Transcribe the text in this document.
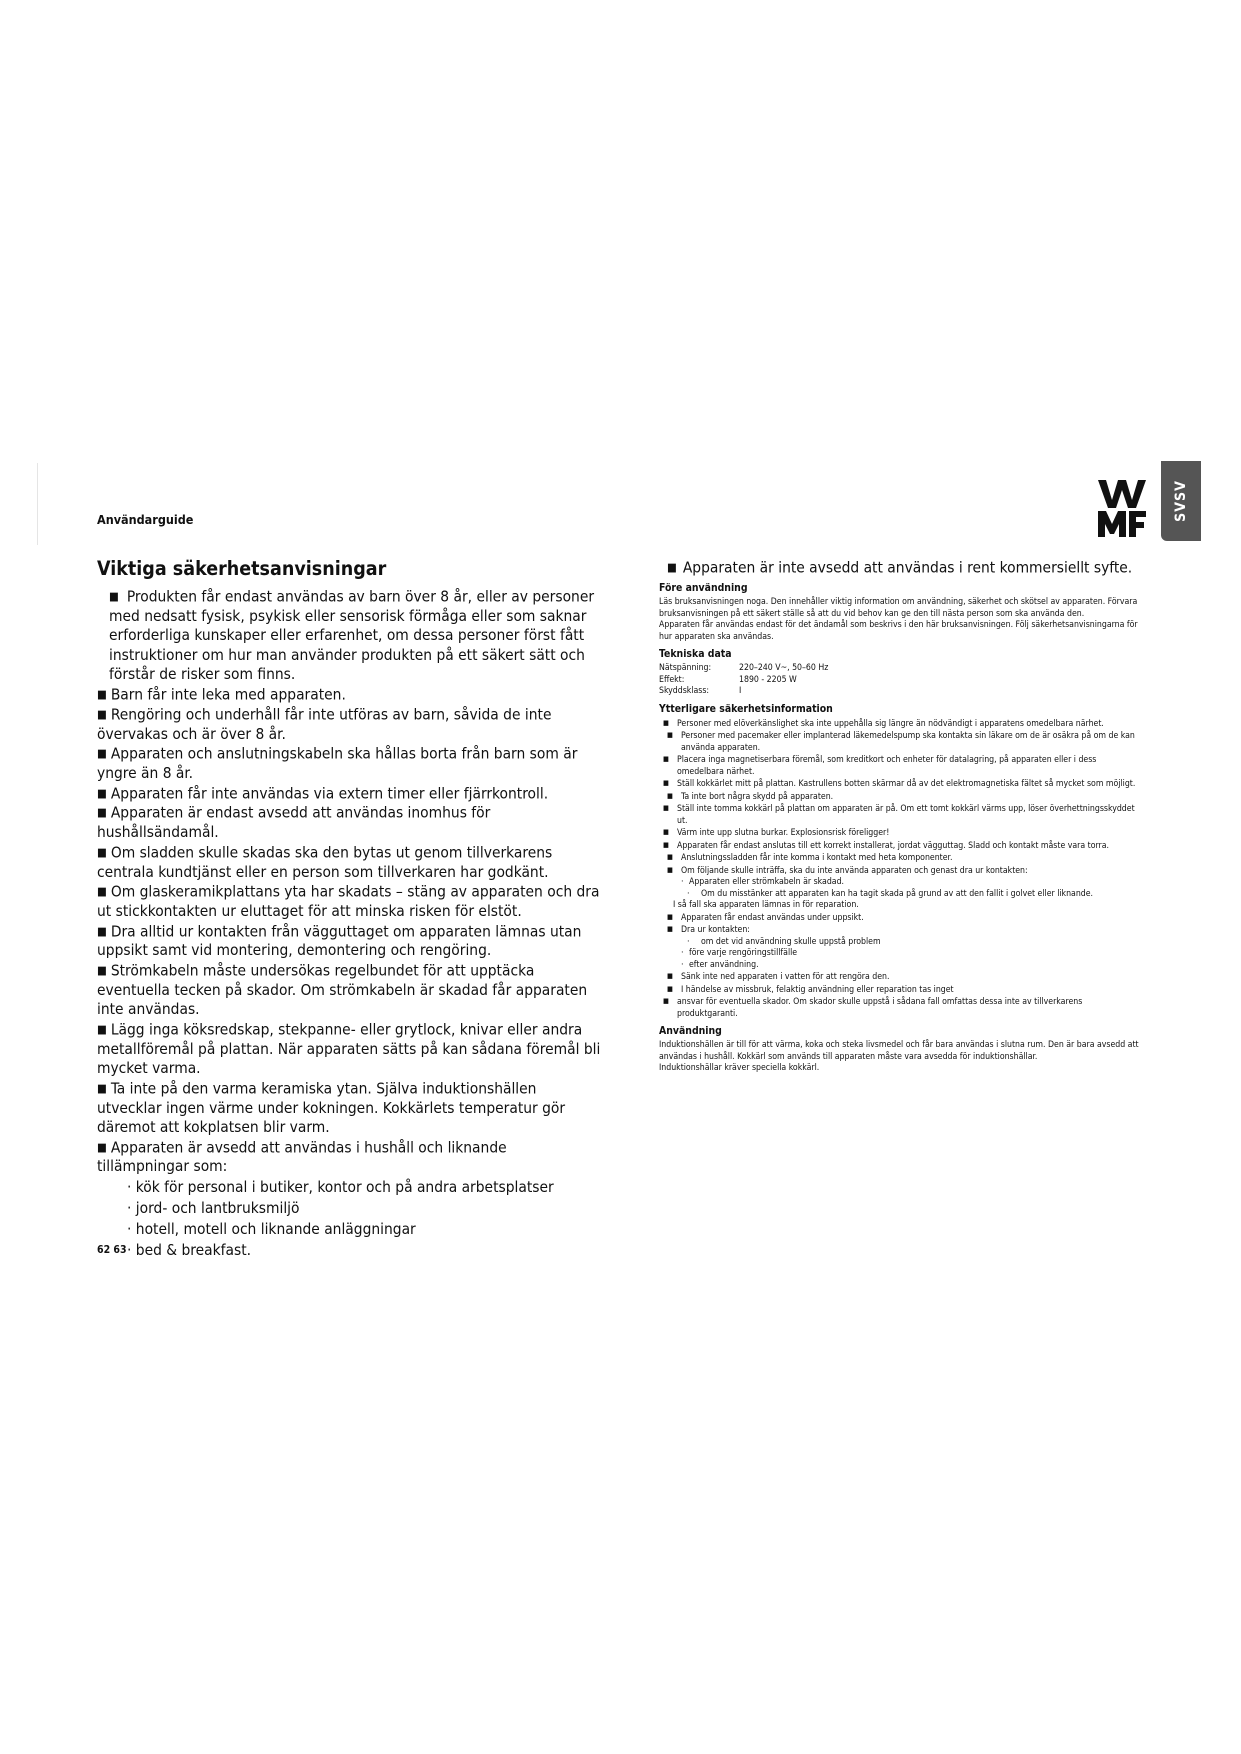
Användarguide	SVSV
Viktiga säkerhetsanvisningar

■ Produkten får endast användas av barn över 8 år, eller av personer med nedsatt fysisk, psykisk eller sensorisk förmåga eller som saknar erforderliga kunskaper eller erfarenhet, om dessa personer först fått instruktioner om hur man använder produkten på ett säkert sätt och förstår de risker som finns.

■ Barn får inte leka med apparaten.

■ Rengöring och underhåll får inte utföras av barn, såvida de inte övervakas och är över 8 år.

■ Apparaten och anslutningskabeln ska hållas borta från barn som är yngre än 8 år.

■ Apparaten får inte användas via extern timer eller fjärrkontroll.

■ Apparaten är endast avsedd att användas inomhus för hushållsändamål.

■ Om sladden skulle skadas ska den bytas ut genom tillverkarens centrala kundtjänst eller en person som tillverkaren har godkänt.

■ Om glaskeramikplattans yta har skadats – stäng av apparaten och dra ut stickkontakten ur eluttaget för att minska risken för elstöt.

■ Dra alltid ur kontakten från vägguttaget om apparaten lämnas utan uppsikt samt vid montering, demontering och rengöring.

■ Strömkabeln måste undersökas regelbundet för att upptäcka eventuella tecken på skador. Om strömkabeln är skadad får apparaten inte användas.

■ Lägg inga köksredskap, stekpanne- eller grytlock, knivar eller andra metallföremål på plattan. När apparaten sätts på kan sådana föremål bli mycket varma.

■ Ta inte på den varma keramiska ytan. Själva induktionshällen utvecklar ingen värme under kokningen. Kokkärlets temperatur gör däremot att kokplatsen blir varm.

■ Apparaten är avsedd att användas i hushåll och liknande tillämpningar som:

· kök för personal i butiker, kontor och på andra arbetsplatser
· jord- och lantbruksmiljö
· hotell, motell och liknande anläggningar
· bed & breakfast.
■ Apparaten är inte avsedd att användas i rent kommersiellt syfte.
Före användning

Läs bruksanvisningen noga. Den innehåller viktig information om användning, säkerhet och skötsel av apparaten. Förvara bruksanvisningen på ett säkert ställe så att du vid behov kan ge den till nästa person som ska använda den.

Apparaten får användas endast för det ändamål som beskrivs i den här bruksanvisningen. Följ säkerhetsanvisningarna för hur apparaten ska användas.

Tekniska data
Nätspänning:	220–240 V~, 50–60 Hz
Effekt:	1890 - 2205 W
Skyddsklass:	I
Ytterligare säkerhetsinformation

■ Personer med elöverkänslighet ska inte uppehålla sig längre än nödvändigt i apparatens omedelbara närhet.

■ Personer med pacemaker eller implanterad läkemedelspump ska kontakta sin läkare om de är osäkra på om de kan använda apparaten.

■ Placera inga magnetiserbara föremål, som kreditkort och enheter för datalagring, på apparaten eller i dess omedelbara närhet.

■ Ställ kokkärlet mitt på plattan. Kastrullens botten skärmar då av det elektromagnetiska fältet så mycket som möjligt.

■ Ta inte bort några skydd på apparaten.

■ Ställ inte tomma kokkärl på plattan om apparaten är på. Om ett tomt kokkärl värms upp, löser överhettningsskyddet ut.

■ Värm inte upp slutna burkar. Explosionsrisk föreligger!

■ Apparaten får endast anslutas till ett korrekt installerat, jordat vägguttag. Sladd och kontakt måste vara torra.

■ Anslutningssladden får inte komma i kontakt med heta komponenter.

■ Om följande skulle inträffa, ska du inte använda apparaten och genast dra ur kontakten:

· Apparaten eller strömkabeln är skadad.

· Om du misstänker att apparaten kan ha tagit skada på grund av att den fallit i golvet eller liknande.

I så fall ska apparaten lämnas in för reparation.

■ Apparaten får endast användas under uppsikt.

■ Dra ur kontakten:

· om det vid användning skulle uppstå problem

· före varje rengöringstillfälle

· efter användning.

■ Sänk inte ned apparaten i vatten för att rengöra den.

■ I händelse av missbruk, felaktig användning eller reparation tas inget

■ ansvar för eventuella skador. Om skador skulle uppstå i sådana fall omfattas dessa inte av tillverkarens produktgaranti.

Användning

Induktionshällen är till för att värma, koka och steka livsmedel och får bara användas i slutna rum. Den är bara avsedd att användas i hushåll. Kokkärl som används till apparaten måste vara avsedda för induktionshällar.

Induktionshällar kräver speciella kokkärl.

62 63
